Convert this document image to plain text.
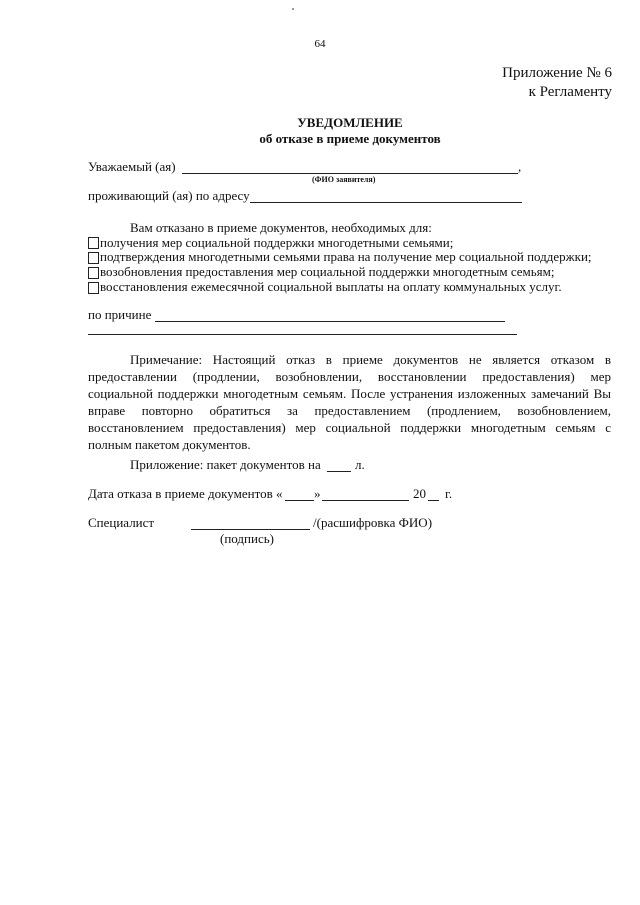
64
Приложение № 6
к Регламенту
УВЕДОМЛЕНИЕ
об отказе в приеме документов
Уважаемый (ая)	,
(ФИО заявителя)
проживающий (ая) по адресу
Вам отказано в приеме документов, необходимых для:
получения мер социальной поддержки многодетными семьями;
подтверждения многодетными семьями права на получение мер социальной поддержки;
возобновления предоставления мер социальной поддержки многодетным семьям;
восстановления ежемесячной социальной выплаты на оплату коммунальных услуг.
по причине
Примечание: Настоящий отказ в приеме документов не является отказом в предоставлении (продлении, возобновлении, восстановлении предоставления) мер социальной поддержки многодетным семьям. После устранения изложенных замечаний Вы вправе повторно обратиться за предоставлением (продлением, возобновлением, восстановлением предоставления) мер социальной поддержки многодетным семьям с полным пакетом документов.
Приложение: пакет документов на	л.
Дата отказа в приеме документов « »	20 г.
Специалист	/(расшифровка ФИО)
(подпись)
